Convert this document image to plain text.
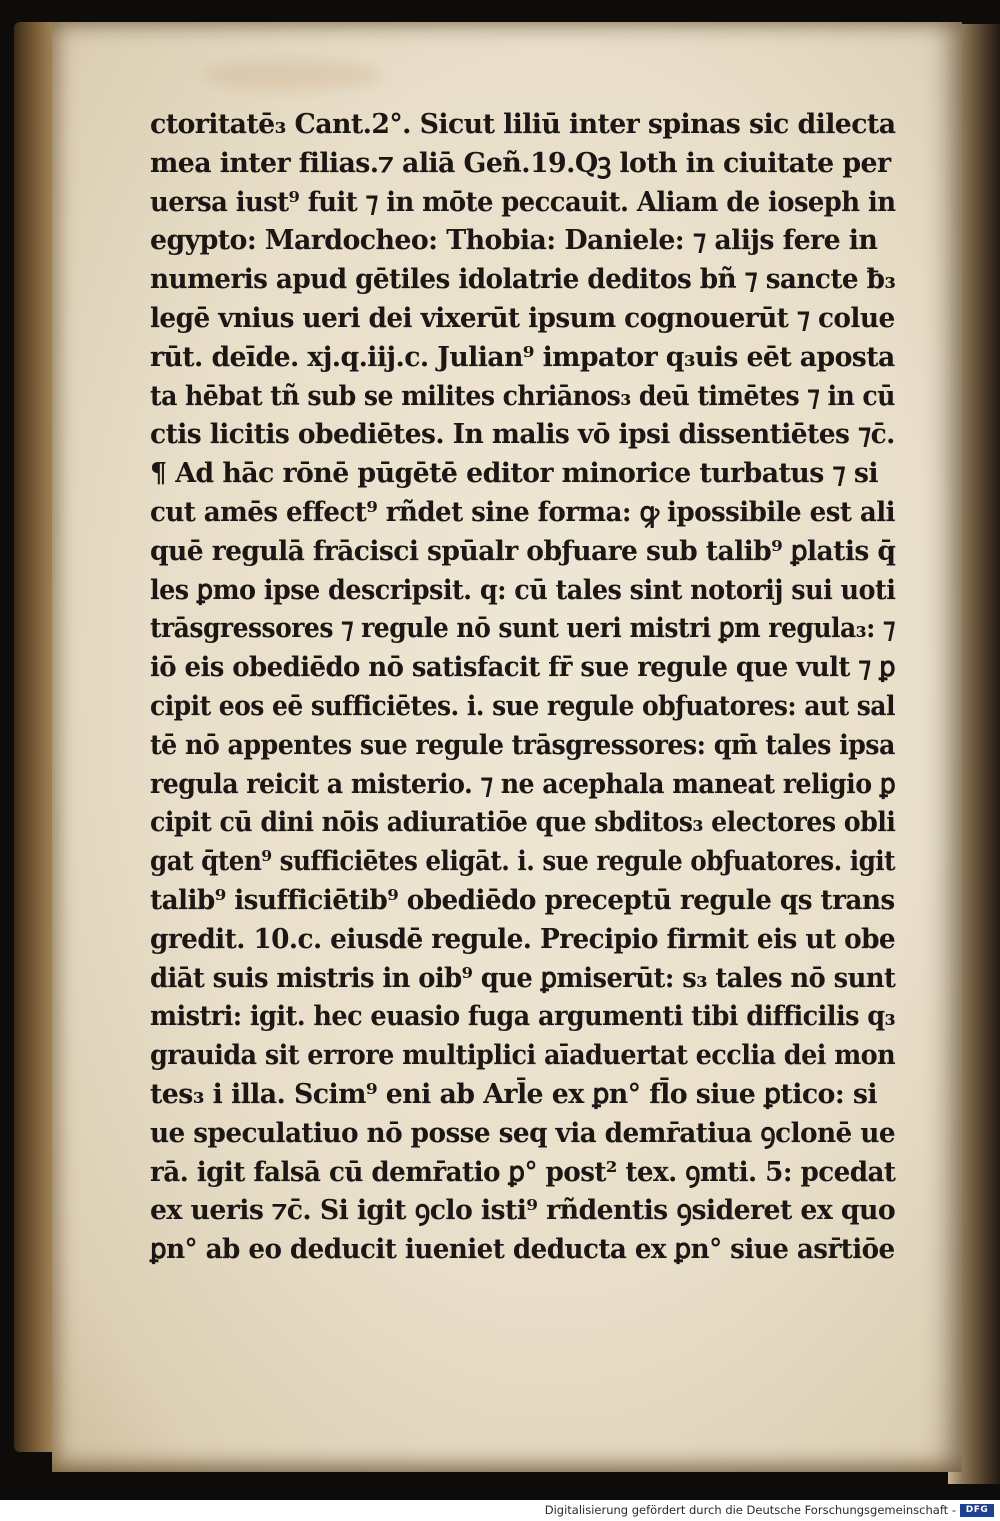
ctoritatē₃ Cant.2°. Sicut liliū inter spinas sic dilecta
mea inter filias.⁊ aliā Geñ.19.Qꝫ loth in ciuitate per
uersa iust⁹ fuit ⁊ in mōte peccauit. Aliam de ioseph in
egypto: Mardocheo: Thobia: Daniele: ⁊ alijs fere in
numeris apud gētiles idolatrie deditos bñ ⁊ sancte ƀ₃
legē vnius ueri dei vixerūt ipsum cognouerūt ⁊ colue
rūt. deīde. xj.q.iij.c. Julian⁹ impator q₃uis eēt aposta
ta hēbat tñ sub se milites chriānos₃ deū timētes ⁊ in cū
ctis licitis obediētes. In malis vō ipsi dissentiētes ⁊c̄.
¶ Ad hāc rōnē pūgētē editor minorice turbatus ⁊ si
cut amēs effect⁹ rñdet sine forma: ꝙ ipossibile est ali
quē regulā frācisci spūalr obƒuare sub talib⁹ ꝑlatis q̄
les ꝑmo ipse descripsit. q: cū tales sint notorij sui uoti
trāsgressores ⁊ regule nō sunt ueri mistri ꝑm regula₃: ⁊
iō eis obediēdo nō satisfacit fr̄ sue regule que vult ⁊ ꝑ
cipit eos eē sufficiētes. i. sue regule obƒuatores: aut sal
tē nō appentes sue regule trāsgressores: qm̄ tales ipsa
regula reicit a misterio. ⁊ ne acephala maneat religio ꝑ
cipit cū dini nōis adiuratiōe que sbditos₃ electores obli
gat q̄ten⁹ sufficiētes eligāt. i. sue regule obƒuatores. igit
talib⁹ isufficiētib⁹ obediēdo preceptū regule qs trans
gredit. 10.c. eiusdē regule. Precipio firmit eis ut obe
diāt suis mistris in oib⁹ que ꝑmiserūt: s₃ tales nō sunt
mistri: igit. hec euasio fuga argumenti tibi difficilis q₃
grauida sit errore multiplici aīaduertat ecclia dei mon
tes₃ i illa. Scim⁹ eni ab Arl̄e ex ꝑn° fl̄o siue ꝑtico: si
ue speculatiuo nō posse seq via demr̄atiua ꝯclonē ue
rā. igit falsā cū demr̄atio ꝑ° post² tex. ꝯmti. 5: pcedat
ex ueris ⁊c̄. Si igit ꝯclo isti⁹ rñdentis ꝯsideret ex quo
ꝑn° ab eo deducit iueniet deducta ex ꝑn° siue asr̄tiōe
Digitalisierung gefördert durch die Deutsche Forschungsgemeinschaft -	DFG
